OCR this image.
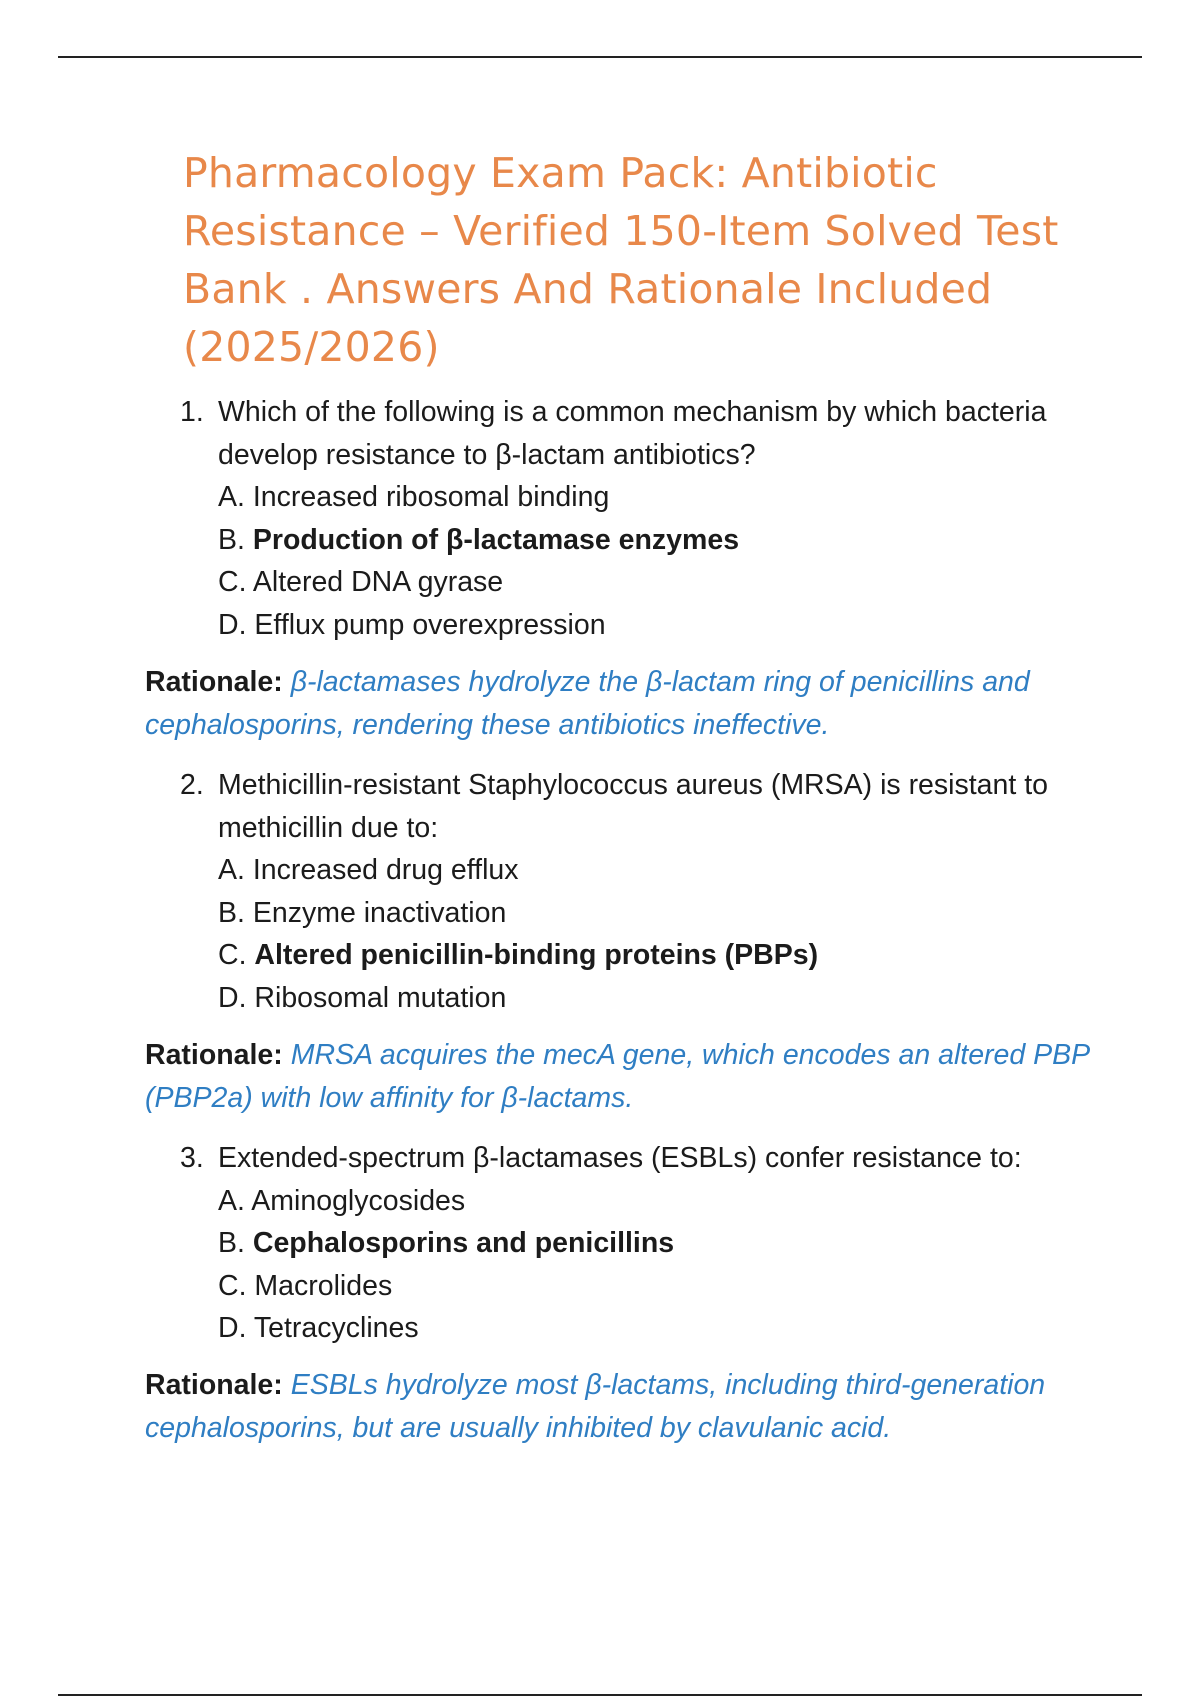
Pharmacology Exam Pack: Antibiotic Resistance – Verified 150-Item Solved Test Bank . Answers And Rationale Included (2025/2026)
1. Which of the following is a common mechanism by which bacteria develop resistance to β-lactam antibiotics?
A. Increased ribosomal binding
B. Production of β-lactamase enzymes
C. Altered DNA gyrase
D. Efflux pump overexpression

Rationale: β-lactamases hydrolyze the β-lactam ring of penicillins and cephalosporins, rendering these antibiotics ineffective.

2. Methicillin-resistant Staphylococcus aureus (MRSA) is resistant to methicillin due to:
A. Increased drug efflux
B. Enzyme inactivation
C. Altered penicillin-binding proteins (PBPs)
D. Ribosomal mutation

Rationale: MRSA acquires the mecA gene, which encodes an altered PBP (PBP2a) with low affinity for β-lactams.

3. Extended-spectrum β-lactamases (ESBLs) confer resistance to:
A. Aminoglycosides
B. Cephalosporins and penicillins
C. Macrolides
D. Tetracyclines

Rationale: ESBLs hydrolyze most β-lactams, including third-generation cephalosporins, but are usually inhibited by clavulanic acid.
